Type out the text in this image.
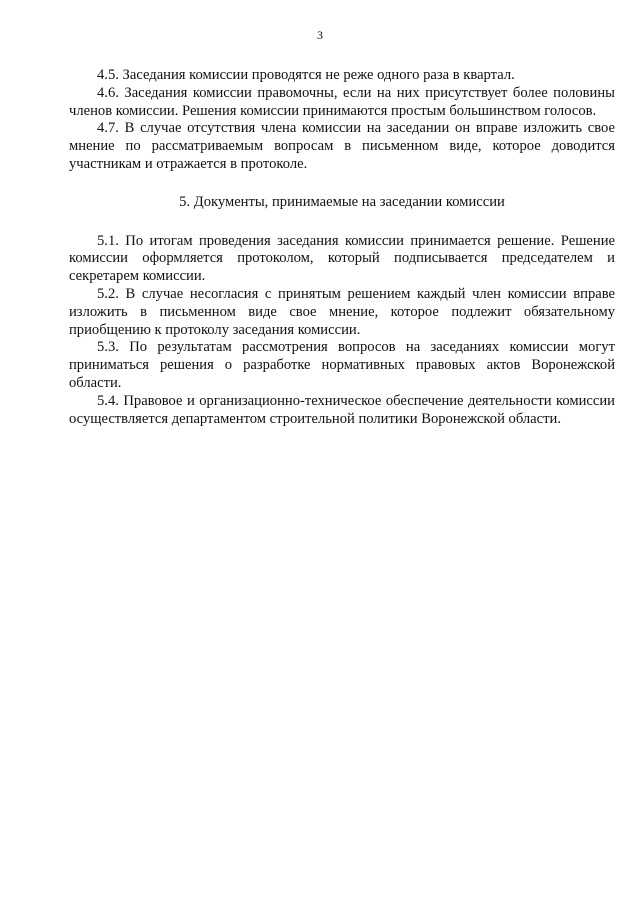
3

4.5. Заседания комиссии проводятся не реже одного раза в квартал.

4.6. Заседания комиссии правомочны, если на них присутствует более половины членов комиссии. Решения комиссии принимаются простым большинством голосов.

4.7. В случае отсутствия члена комиссии на заседании он вправе изложить свое мнение по рассматриваемым вопросам в письменном виде, которое доводится участникам и отражается в протоколе.

5. Документы, принимаемые на заседании комиссии

5.1. По итогам проведения заседания комиссии принимается решение. Решение комиссии оформляется протоколом, который подписывается председателем и секретарем комиссии.

5.2. В случае несогласия с принятым решением каждый член комиссии вправе изложить в письменном виде свое мнение, которое подлежит обязательному приобщению к протоколу заседания комиссии.

5.3. По результатам рассмотрения вопросов на заседаниях комиссии могут приниматься решения о разработке нормативных правовых актов Воронежской области.

5.4. Правовое и организационно-техническое обеспечение деятельности комиссии осуществляется департаментом строительной политики Воронежской области.
